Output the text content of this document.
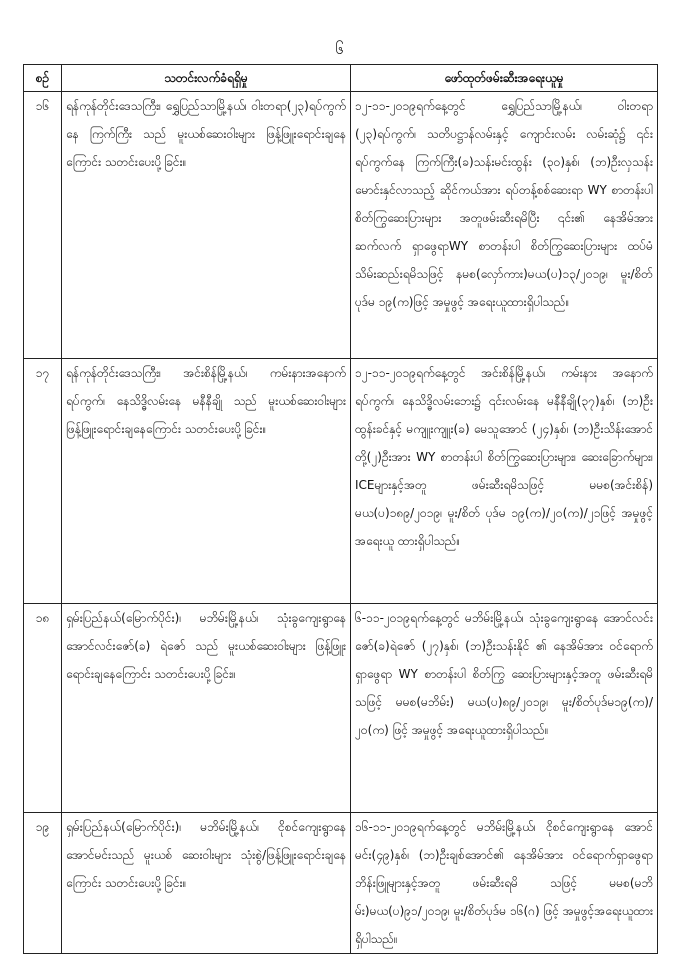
၆
စဉ်	သတင်းလက်ခံရရှိမှု	ဖော်ထုတ်ဖမ်းဆီးအရေးယူမှု
၁၆	ရန်ကုန်တိုင်းဒေသကြီး၊ ရွှေပြည်သာမြို့နယ်၊ ဝါးတရာ(၂၃)ရပ်ကွက်နေ ကြက်ကြီး သည် မူးယစ်ဆေးဝါးများ ဖြန့်ဖြူးရောင်းချနေကြောင်း သတင်းပေးပို့ခြင်း။	၁၂-၁၁-၂၀၁၉ရက်နေ့တွင် ရွှေပြည်သာမြို့နယ်၊ ဝါးတရာ (၂၃)ရပ်ကွက်၊ သတိပဋ္ဌာန်လမ်းနှင့် ကျောင်းလမ်း လမ်းဆုံ၌ ၎င်းရပ်ကွက်နေ ကြက်ကြီး(ခ)သန်းမင်းထွန်း (၃၀)နှစ်၊ (ဘ)ဦးလှသန်း မောင်းနှင်လာသည့် ဆိုင်ကယ်အား ရပ်တန့်စစ်ဆေးရာ WY စာတန်းပါ စိတ်ကြွဆေးပြားများ အတူဖမ်းဆီးရမိပြီး ၎င်း၏ နေအိမ်အား ဆက်လက် ရှာဖွေရာWY စာတန်းပါ စိတ်ကြွဆေးပြားများ ထပ်မံ သိမ်းဆည်းရမိသဖြင့် နမစ(လှော်ကား)မယ(ပ)၁၃/၂၀၁၉၊ မူး/စိတ်ပုဒ်မ ၁၉(က)ဖြင့် အမှုဖွင့် အရေးယူထားရှိပါသည်။
၁၇	ရန်ကုန်တိုင်းဒေသကြီး၊ အင်းစိန်မြို့နယ်၊ ကမ်းနားအနောက်ရပ်ကွက်၊ နေသိဒ္ဓိလမ်းနေ မနီနီချို သည် မူးယစ်ဆေးဝါးများ ဖြန့်ဖြူးရောင်းချနေကြောင်း သတင်းပေးပို့ခြင်း။	၁၂-၁၁-၂၀၁၉ရက်နေ့တွင် အင်းစိန်မြို့နယ်၊ ကမ်းနား အနောက်ရပ်ကွက်၊ နေသိဒ္ဓိလမ်းဘေး၌ ၎င်းလမ်းနေ မနီနီချို(၃၇)နှစ်၊ (ဘ)ဦးထွန်းခင်နှင့် မကျူးကျူး(ခ) မေသူအောင် (၂၄)နှစ်၊ (ဘ)ဦးသိန်းအောင်တို့(၂)ဦးအား WY စာတန်းပါ စိတ်ကြွဆေးပြားများ၊ ဆေးခြောက်များ၊ ICEများနှင့်အတူ ဖမ်းဆီးရမိသဖြင့် မမစ(အင်းစိန်) မယ(ပ)၁၈၉/၂၀၁၉၊ မူး/စိတ် ပုဒ်မ ၁၉(က)/၂၀(က)/၂၁ဖြင့် အမှုဖွင့် အရေးယူ ထားရှိပါသည်။
၁၈	ရှမ်းပြည်နယ်(မြောက်ပိုင်း)၊ မဘိမ်းမြို့နယ်၊ သုံးခွကျေးရွာနေ အောင်လင်းဇော်(ခ) ရဲဇော် သည် မူးယစ်ဆေးဝါးများ ဖြန့်ဖြူး ရောင်းချနေကြောင်း သတင်းပေးပို့ခြင်း။	၆-၁၁-၂၀၁၉ရက်နေ့တွင် မဘိမ်းမြို့နယ်၊ သုံးခွကျေးရွာနေ အောင်လင်းဇော်(ခ)ရဲဇော် (၂၇)နှစ်၊ (ဘ)ဦးသန်းနိုင် ၏ နေအိမ်အား ဝင်ရောက်ရှာဖွေရာ WY စာတန်းပါ စိတ်ကြွ ဆေးပြားများနှင့်အတူ ဖမ်းဆီးရမိသဖြင့် မမစ(မဘိမ်း) မယ(ပ)၈၉/၂၀၁၉၊ မူး/စိတ်ပုဒ်မ၁၉(က)/၂၀(က) ဖြင့် အမှုဖွင့် အရေးယူထားရှိပါသည်။
၁၉	ရှမ်းပြည်နယ်(မြောက်ပိုင်း)၊ မဘိမ်းမြို့နယ်၊ ငိုစင်ကျေးရွာနေ အောင်မင်းသည် မူးယစ် ဆေးဝါးများ သုံးစွဲ/ဖြန့်ဖြူးရောင်းချနေကြောင်း သတင်းပေးပို့ခြင်း။	၁၆-၁၁-၂၀၁၉ရက်နေ့တွင် မဘိမ်းမြို့နယ်၊ ငိုစင်ကျေးရွာနေ အောင်မင်း(၄၉)နှစ်၊ (ဘ)ဦးချစ်အောင်၏ နေအိမ်အား ဝင်ရောက်ရှာဖွေရာ ဘိန်းဖြူများနှင့်အတူ ဖမ်းဆီးရမိ သဖြင့် မမစ(မဘိမ်း)မယ(ပ)၉၁/၂၀၁၉၊ မူး/စိတ်ပုဒ်မ ၁၆(ဂ) ဖြင့် အမှုဖွင့်အရေးယူထားရှိပါသည်။
